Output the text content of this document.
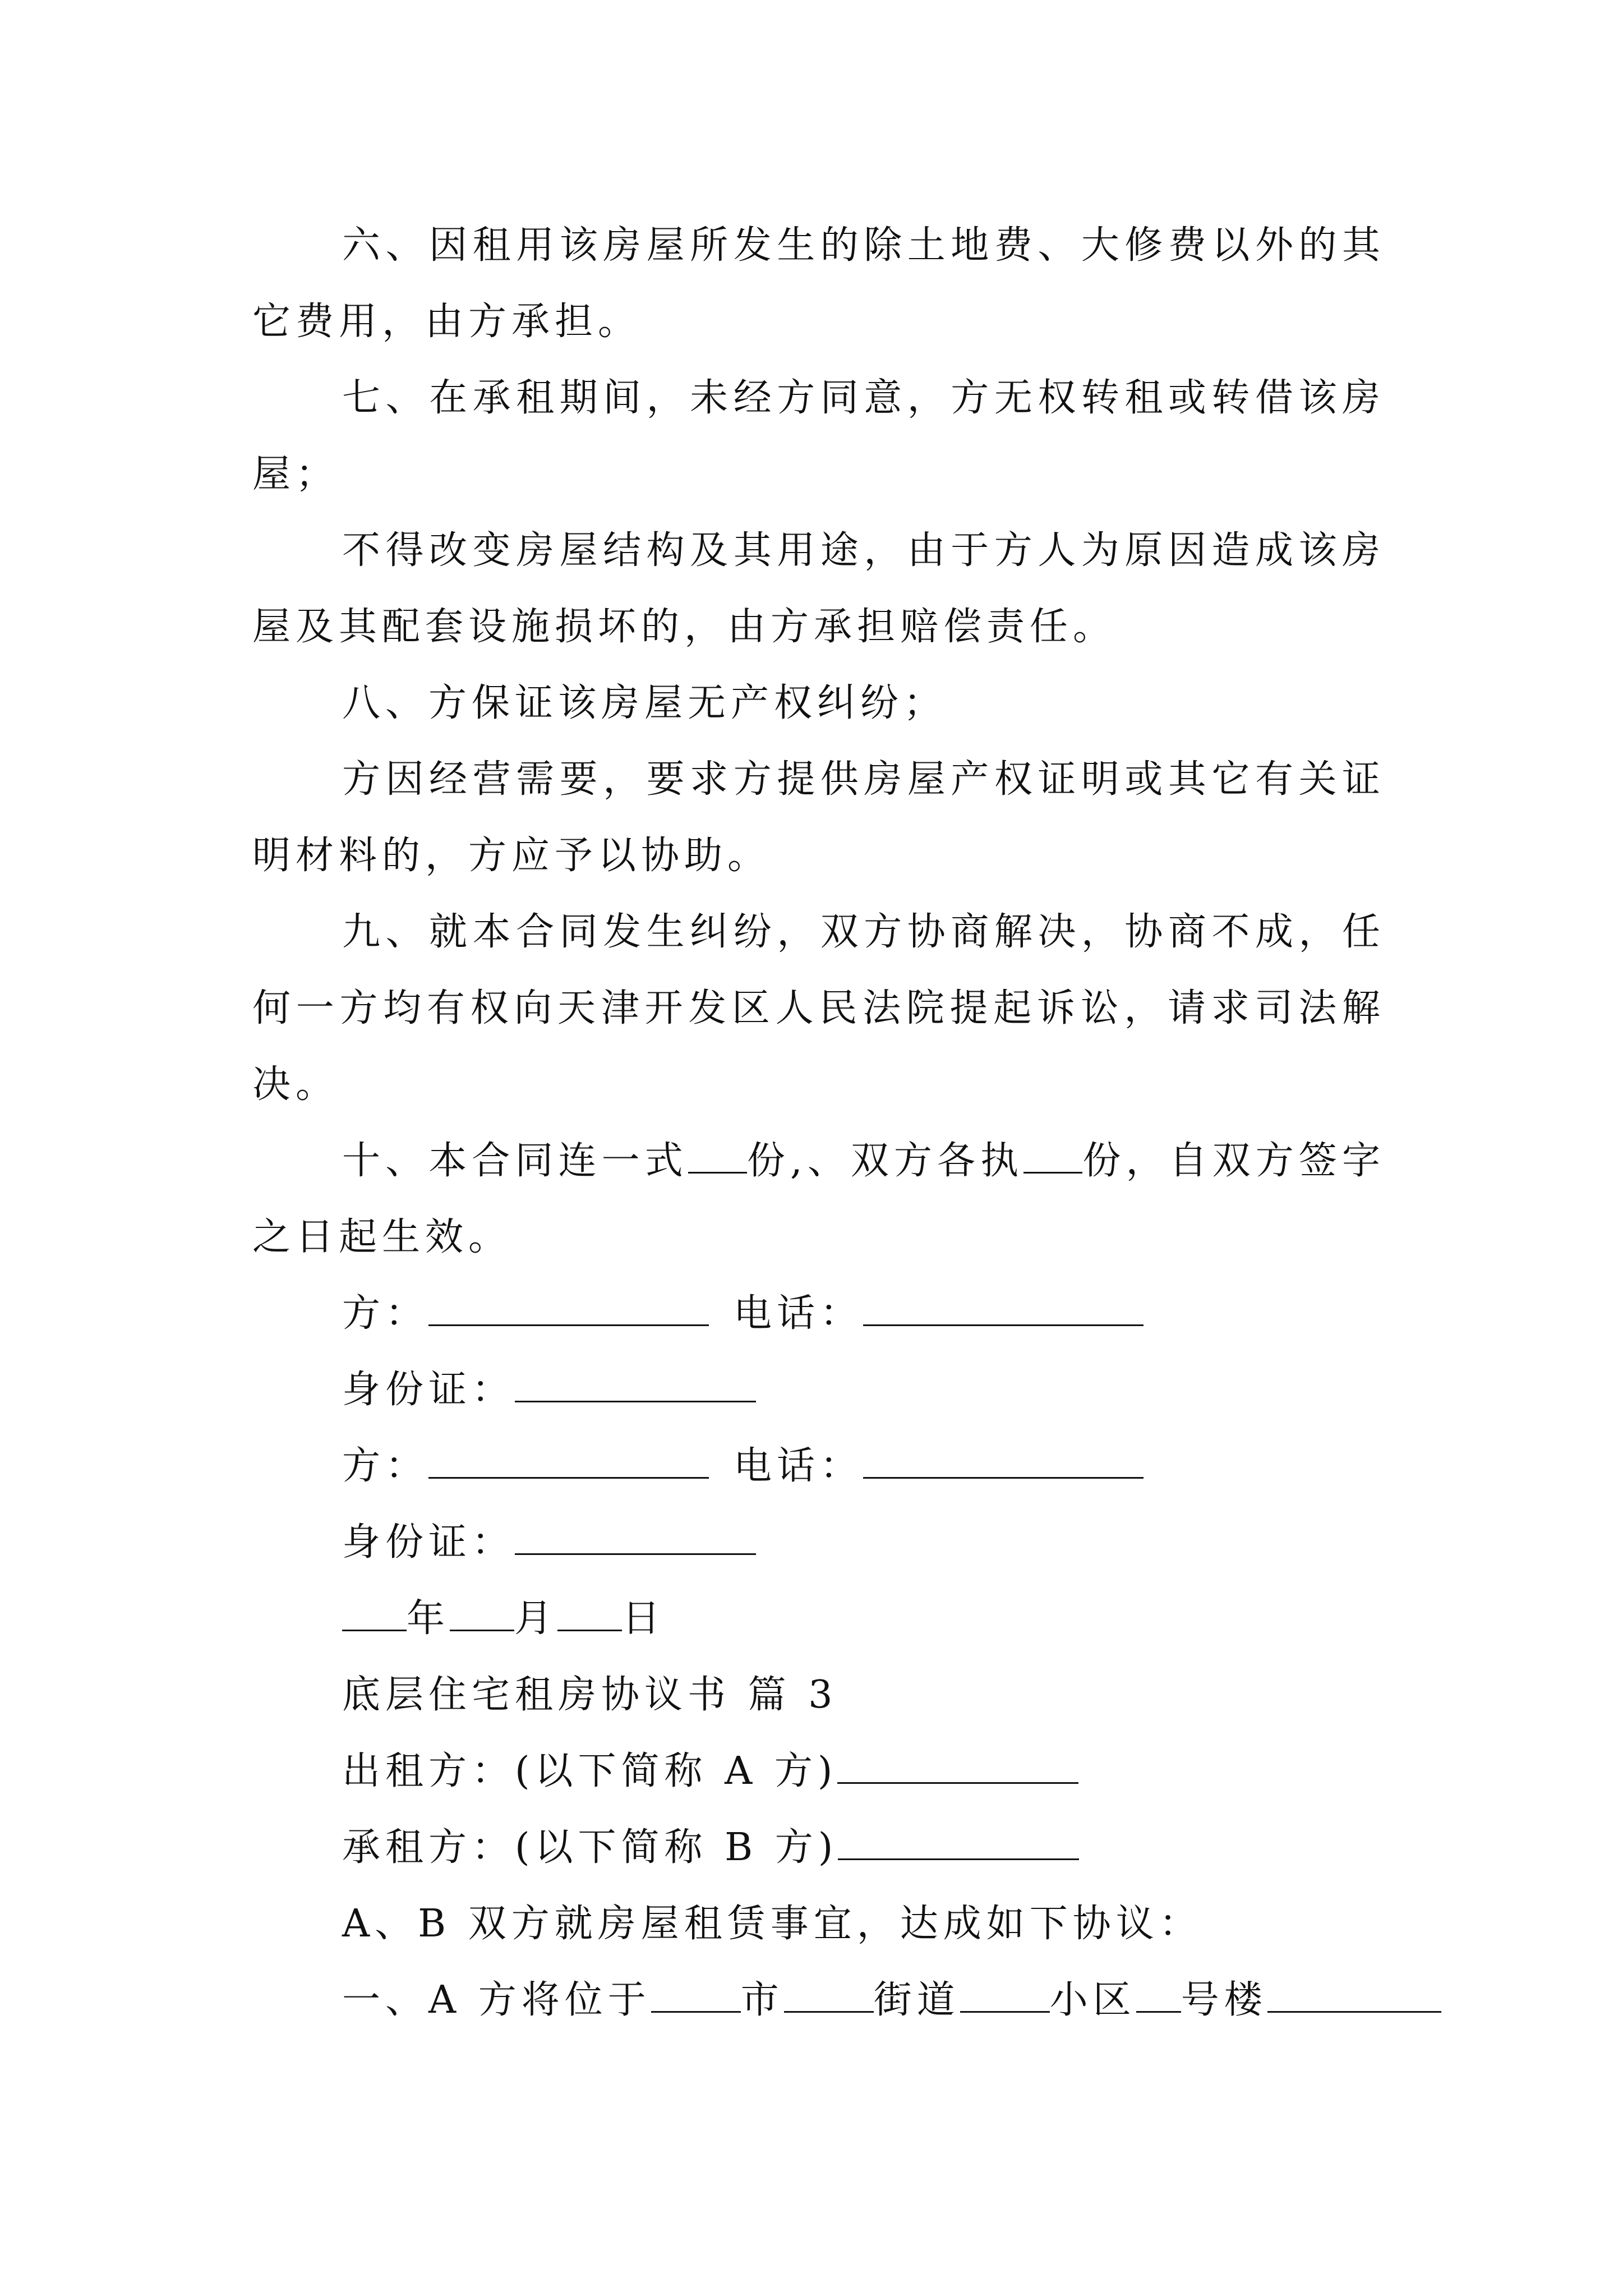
六、因租用该房屋所发生的除土地费、大修费以外的其它费用，由方承担。

七、在承租期间，未经方同意，方无权转租或转借该房屋；

不得改变房屋结构及其用途，由于方人为原因造成该房屋及其配套设施损坏的，由方承担赔偿责任。

八、方保证该房屋无产权纠纷；

方因经营需要，要求方提供房屋产权证明或其它有关证明材料的，方应予以协助。

九、就本合同发生纠纷，双方协商解决，协商不成，任何一方均有权向天津开发区人民法院提起诉讼，请求司法解决。

十、本合同连一式 份,、双方各执 份，自双方签字之日起生效。

方：	电话：

身份证：

方：	电话：

身份证：

年 月 日

底层住宅租房协议书 篇 3

出租方：(以下简称 A 方)

承租方：(以下简称 B 方)

A、B 双方就房屋租赁事宜，达成如下协议：

一、A 方将位于 市 街道 小区 号楼
